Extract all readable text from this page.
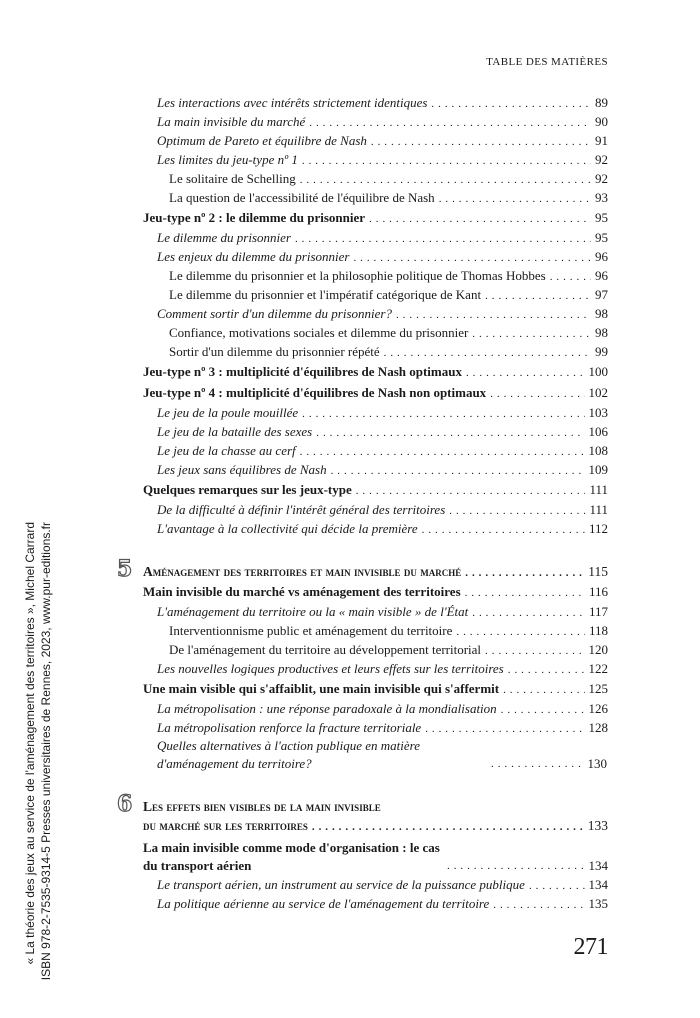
TABLE DES MATIÈRES
« La théorie des jeux au service de l'aménagement des territoires », Michel Carrard ISBN 978-2-7535-9314-5 Presses universitaires de Rennes, 2023, www.pur-editions.fr
Les interactions avec intérêts strictement identiques . . .	89
La main invisible du marché . . .	90
Optimum de Pareto et équilibre de Nash . . .	91
Les limites du jeu-type nº 1 . . .	92
Le solitaire de Schelling . . .	92
La question de l'accessibilité de l'équilibre de Nash . . .	93
Jeu-type nº 2 : le dilemme du prisonnier . . .	95
Le dilemme du prisonnier . . .	95
Les enjeux du dilemme du prisonnier . . .	96
Le dilemme du prisonnier et la philosophie politique de Thomas Hobbes . . .	96
Le dilemme du prisonnier et l'impératif catégorique de Kant . . .	97
Comment sortir d'un dilemme du prisonnier? . . .	98
Confiance, motivations sociales et dilemme du prisonnier . . .	98
Sortir d'un dilemme du prisonnier répété . . .	99
Jeu-type nº 3 : multiplicité d'équilibres de Nash optimaux . . .	100
Jeu-type nº 4 : multiplicité d'équilibres de Nash non optimaux . . .	102
Le jeu de la poule mouillée . . .	103
Le jeu de la bataille des sexes . . .	106
Le jeu de la chasse au cerf . . .	108
Les jeux sans équilibres de Nash . . .	109
Quelques remarques sur les jeux-type . . .	111
De la difficulté à définir l'intérêt général des territoires . . .	111
L'avantage à la collectivité qui décide la première . . .	112
5 Aménagement des territoires et main invisible du marché . . .	115
Main invisible du marché vs aménagement des territoires . . .	116
L'aménagement du territoire ou la « main visible » de l'État . . .	117
Interventionnisme public et aménagement du territoire . . .	118
De l'aménagement du territoire au développement territorial . . .	120
Les nouvelles logiques productives et leurs effets sur les territoires . . .	122
Une main visible qui s'affaiblit, une main invisible qui s'affermit . . .	125
La métropolisation : une réponse paradoxale à la mondialisation . . .	126
La métropolisation renforce la fracture territoriale . . .	128
Quelles alternatives à l'action publique en matière d'aménagement du territoire? . . .	130
6 Les effets bien visibles de la main invisible
du marché sur les territoires . . .	133
La main invisible comme mode d'organisation : le cas du transport aérien . . .	134
Le transport aérien, un instrument au service de la puissance publique . . .	134
La politique aérienne au service de l'aménagement du territoire . . .	135
271
